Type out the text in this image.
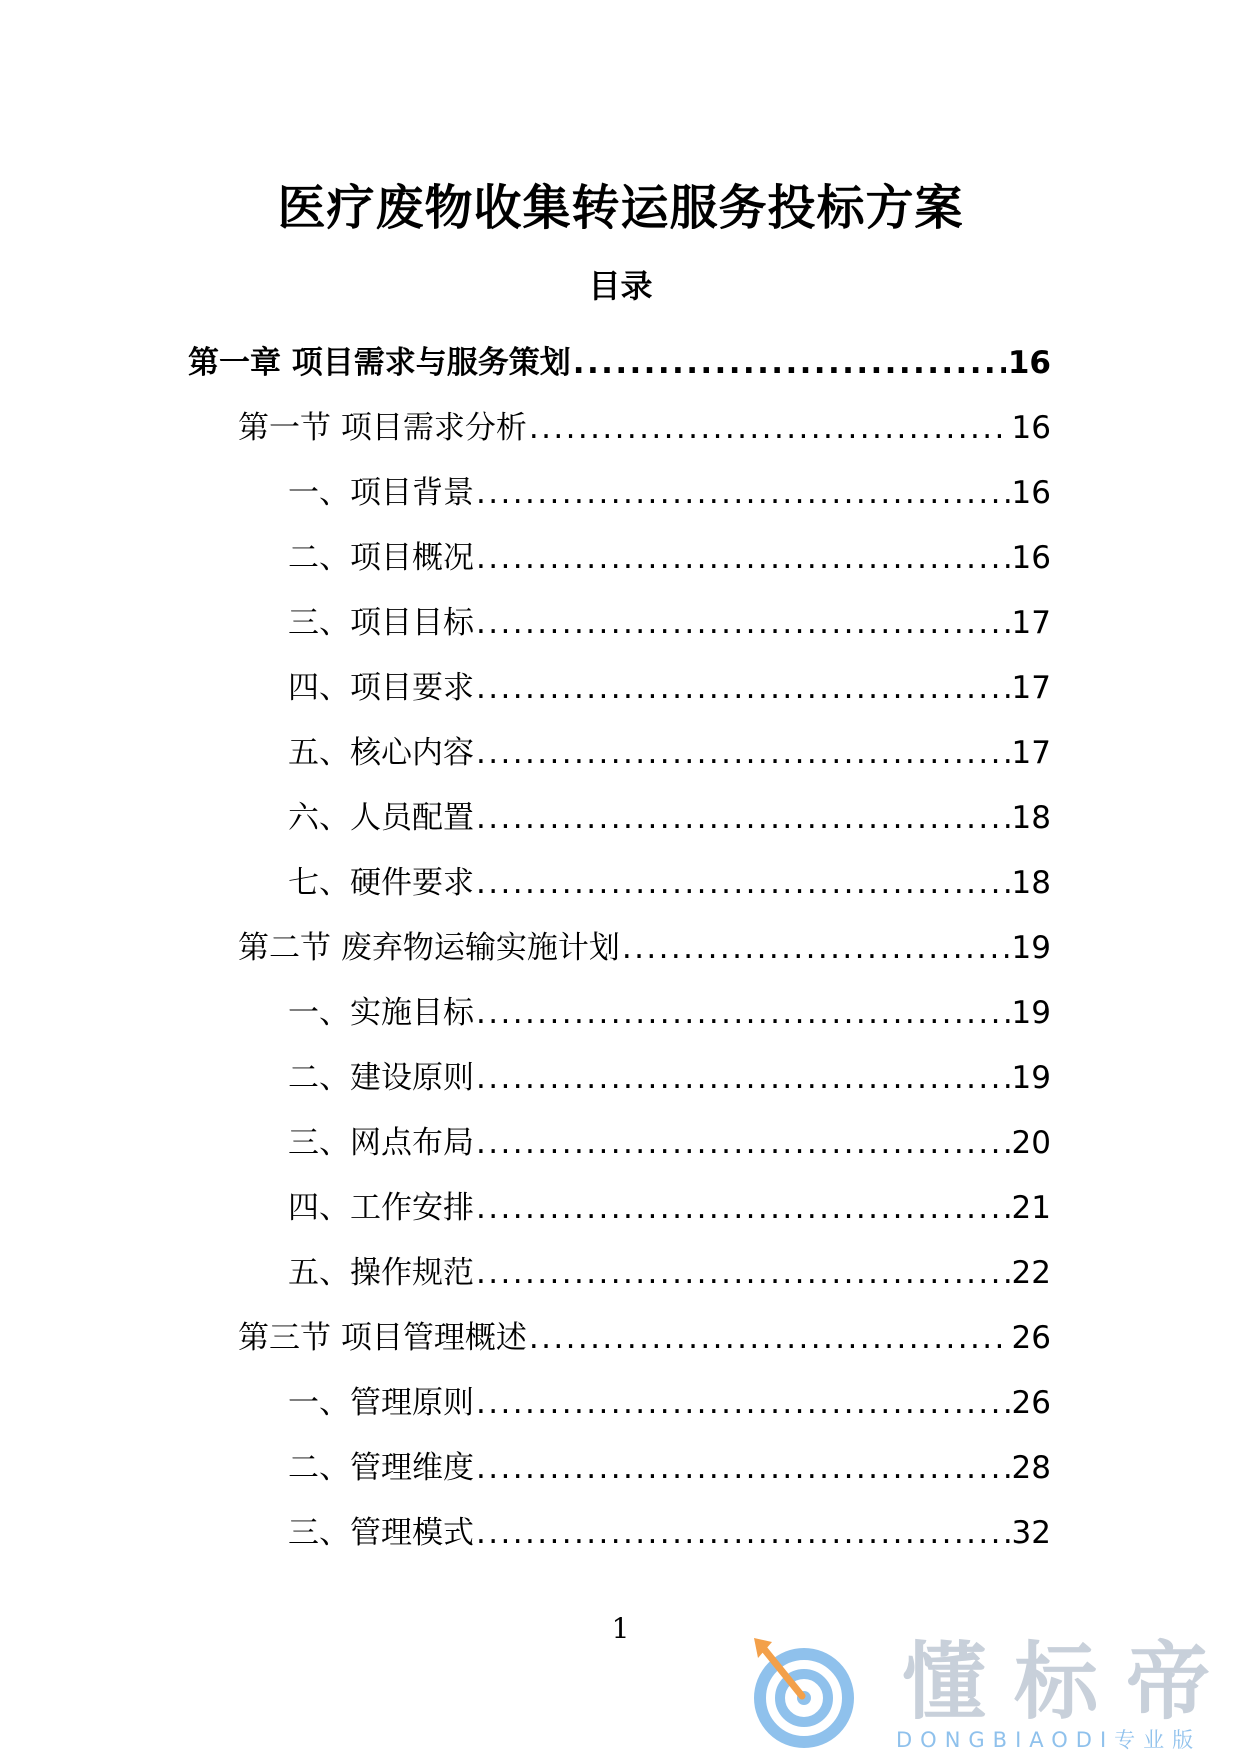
医疗废物收集转运服务投标方案
目录
第一章 项目需求与服务策划 .....	16
第一节 项目需求分析 .....	16
一、项目背景 .....	16
二、项目概况 .....	16
三、项目目标 .....	17
四、项目要求 .....	17
五、核心内容 .....	17
六、人员配置 .....	18
七、硬件要求 .....	18
第二节 废弃物运输实施计划 .....	19
一、实施目标 .....	19
二、建设原则 .....	19
三、网点布局 .....	20
四、工作安排 .....	21
五、操作规范 .....	22
第三节 项目管理概述 .....	26
一、管理原则 .....	26
二、管理维度 .....	28
三、管理模式 .....	32
1
懂标帝
DONGBIAODI专业版
